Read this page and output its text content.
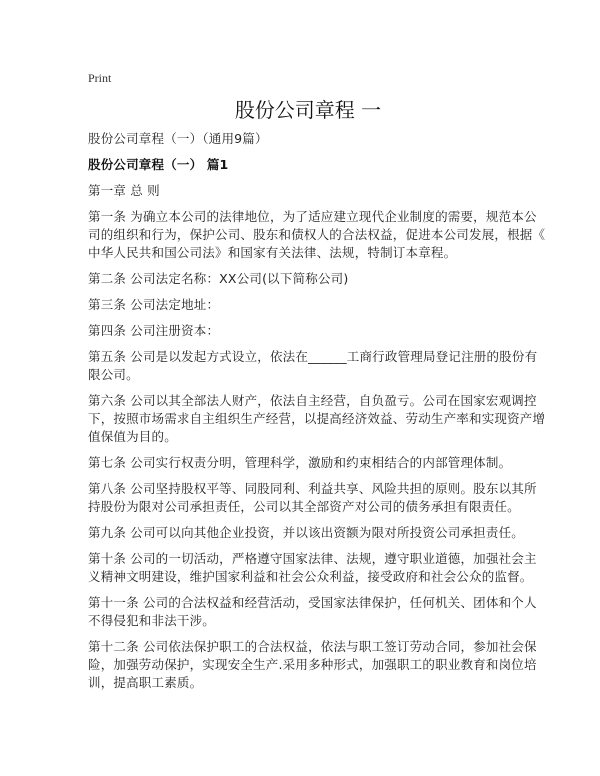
Print
股份公司章程 一
股份公司章程（一）（通用9篇）
股份公司章程（一） 篇1
第一章 总 则
第一条 为确立本公司的法律地位，为了适应建立现代企业制度的需要，规范本公
司的组织和行为，保护公司、股东和债权人的合法权益，促进本公司发展，根据《
中华人民共和国公司法》和国家有关法律、法规，特制订本章程。
第二条 公司法定名称：XX公司(以下简称公司)
第三条 公司法定地址：
第四条 公司注册资本：
第五条 公司是以发起方式设立，依法在______工商行政管理局登记注册的股份有
限公司。
第六条 公司以其全部法人财产，依法自主经营，自负盈亏。公司在国家宏观调控
下，按照市场需求自主组织生产经营，以提高经济效益、劳动生产率和实现资产增
值保值为目的。
第七条 公司实行权责分明，管理科学，激励和约束相结合的内部管理体制。
第八条 公司坚持股权平等、同股同利、利益共享、风险共担的原则。股东以其所
持股份为限对公司承担责任，公司以其全部资产对公司的债务承担有限责任。
第九条 公司可以向其他企业投资，并以该出资额为限对所投资公司承担责任。
第十条 公司的一切活动，严格遵守国家法律、法规，遵守职业道德，加强社会主
义精神文明建设，维护国家利益和社会公众利益，接受政府和社会公众的监督。
第十一条 公司的合法权益和经营活动，受国家法律保护，任何机关、团体和个人
不得侵犯和非法干涉。
第十二条 公司依法保护职工的合法权益，依法与职工签订劳动合同，参加社会保
险，加强劳动保护，实现安全生产.采用多种形式，加强职工的职业教育和岗位培
训，提高职工素质。
